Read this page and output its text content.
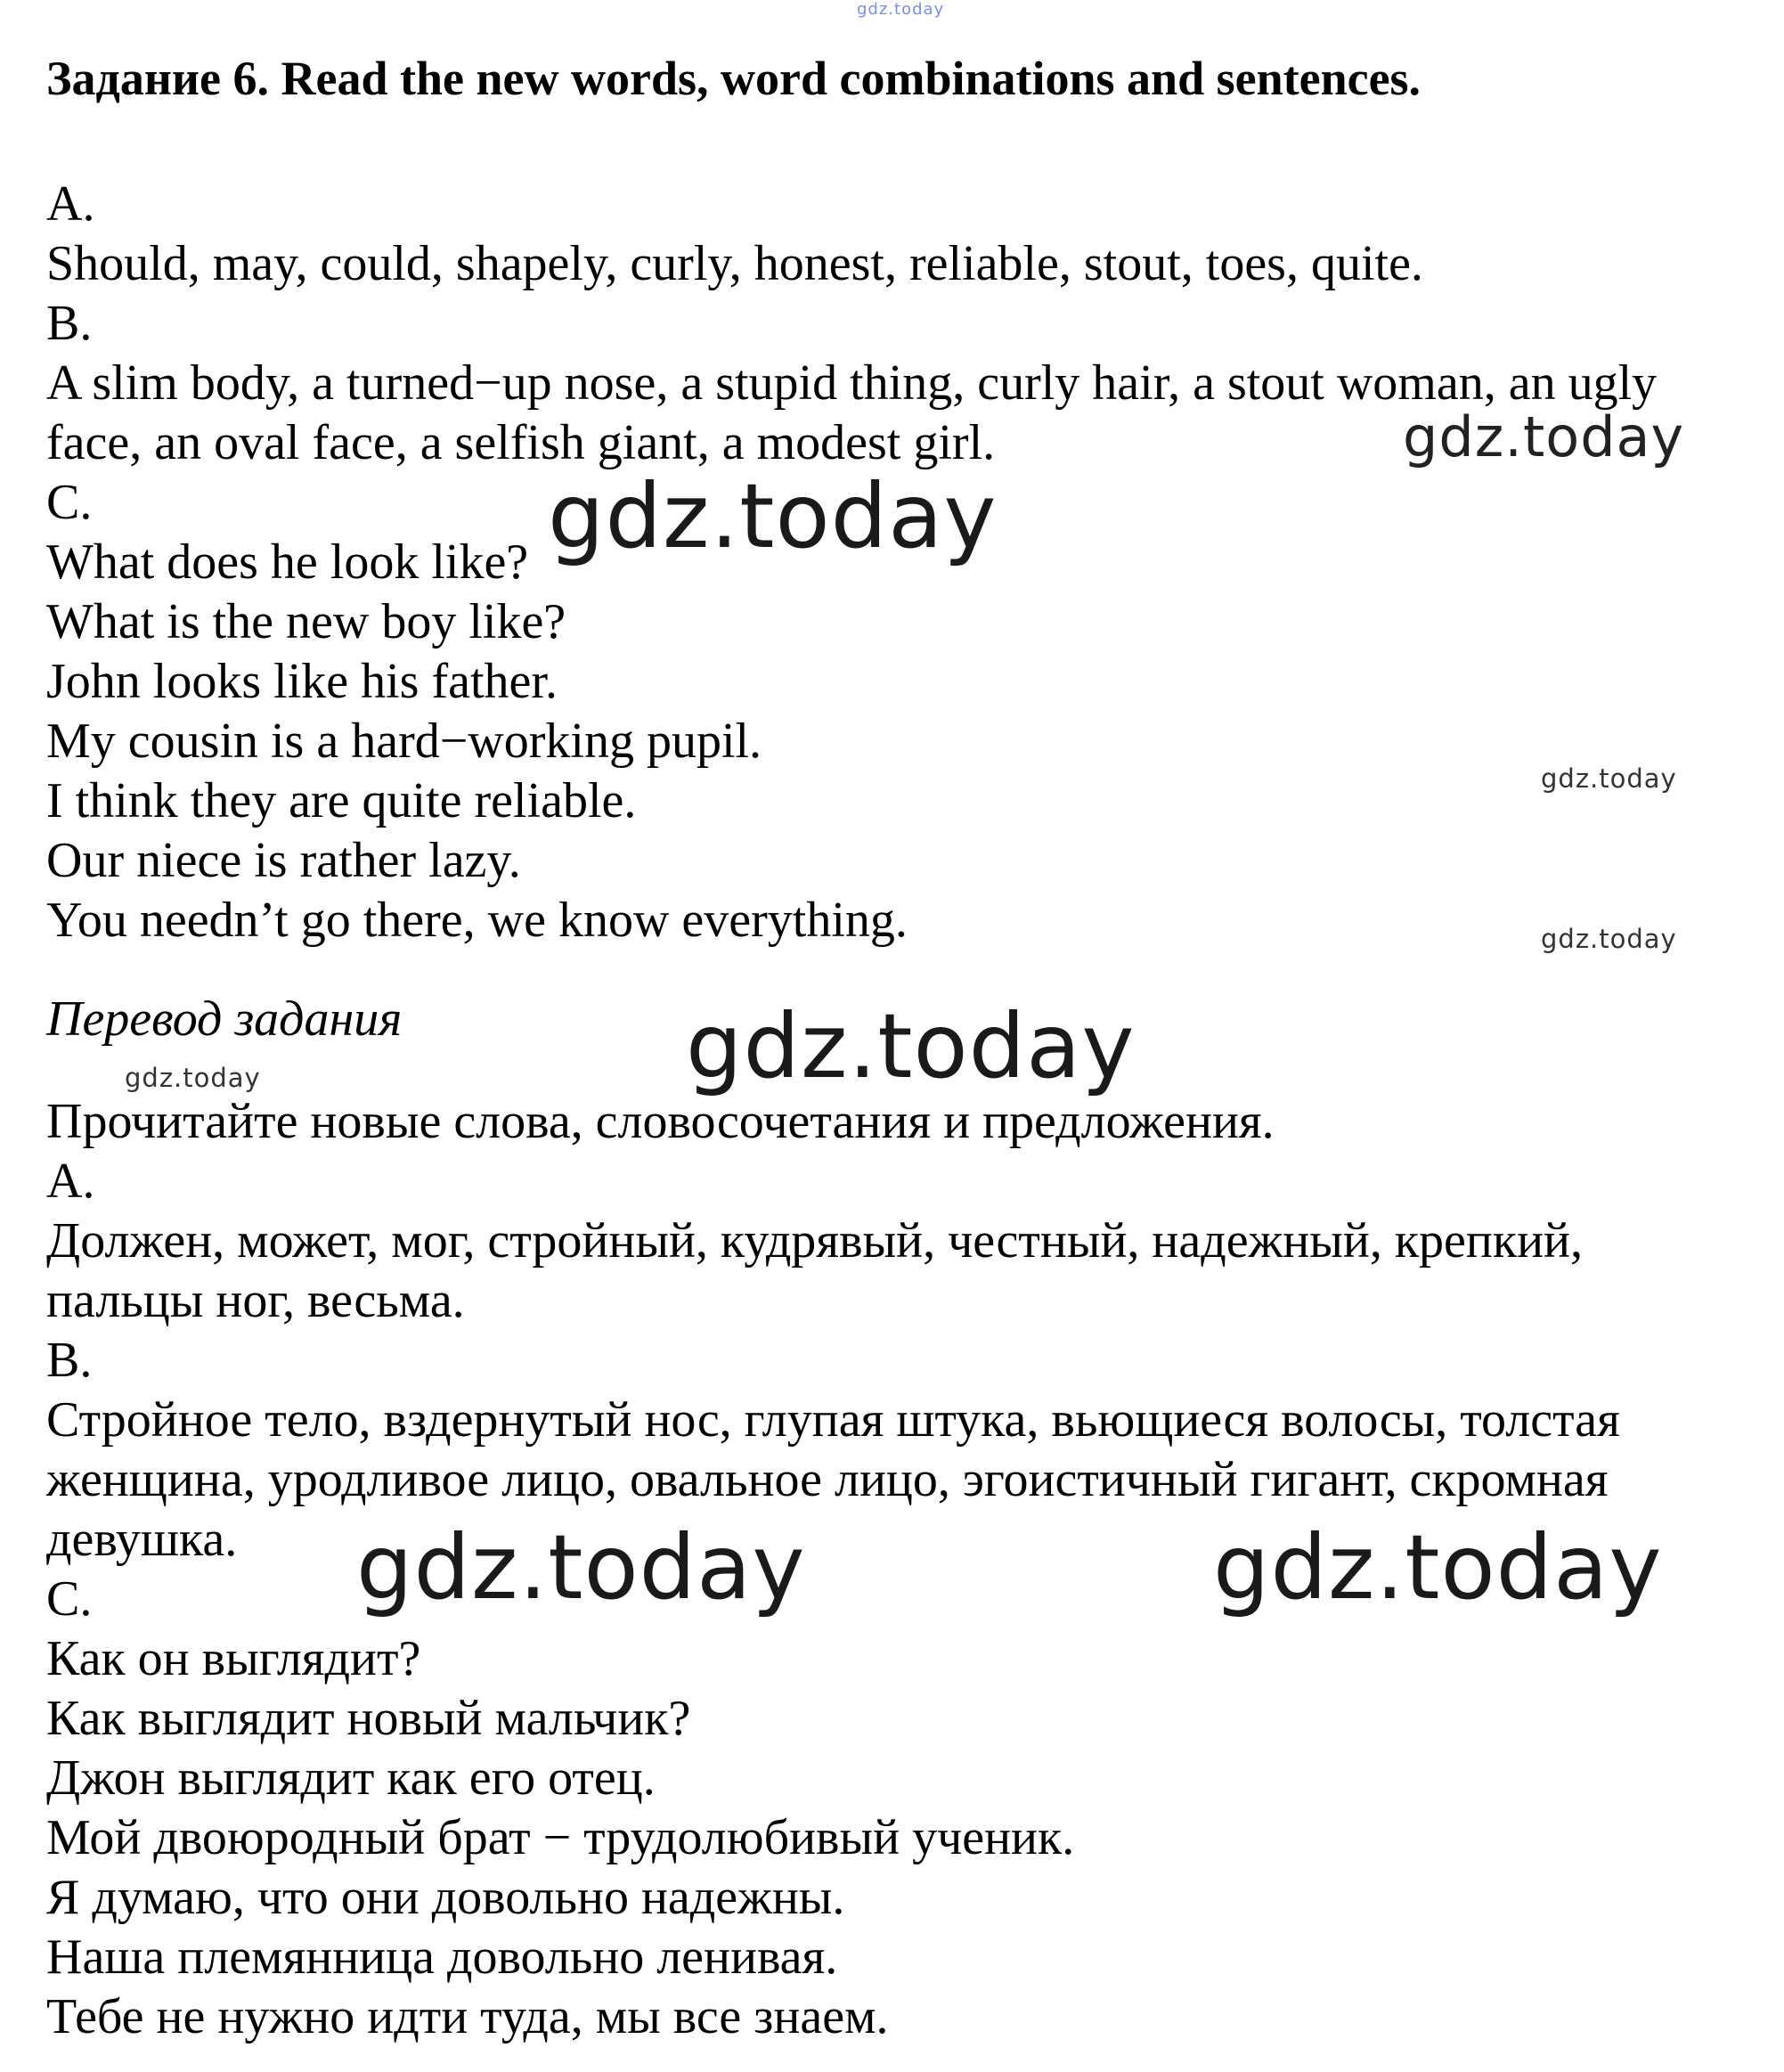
gdz.today
Задание 6. Read the new words, word combinations and sentences.
A.
Should, may, could, shapely, curly, honest, reliable, stout, toes, quite.
B.
A slim body, a turned−up nose, a stupid thing, curly hair, a stout woman, an ugly
face, an oval face, a selfish giant, a modest girl.
C.
What does he look like?
What is the new boy like?
John looks like his father.
My cousin is a hard−working pupil.
I think they are quite reliable.
Our niece is rather lazy.
You needn’t go there, we know everything.
Перевод задания
Прочитайте новые слова, словосочетания и предложения.
A.
Должен, может, мог, стройный, кудрявый, честный, надежный, крепкий,
пальцы ног, весьма.
B.
Стройное тело, вздернутый нос, глупая штука, вьющиеся волосы, толстая
женщина, уродливое лицо, овальное лицо, эгоистичный гигант, скромная
девушка.
C.
Как он выглядит?
Как выглядит новый мальчик?
Джон выглядит как его отец.
Мой двоюродный брат − трудолюбивый ученик.
Я думаю, что они довольно надежны.
Наша племянница довольно ленивая.
Тебе не нужно идти туда, мы все знаем.
gdz.today
gdz.today
gdz.today
gdz.today
gdz.today
gdz.today
gdz.today	gdz.today
